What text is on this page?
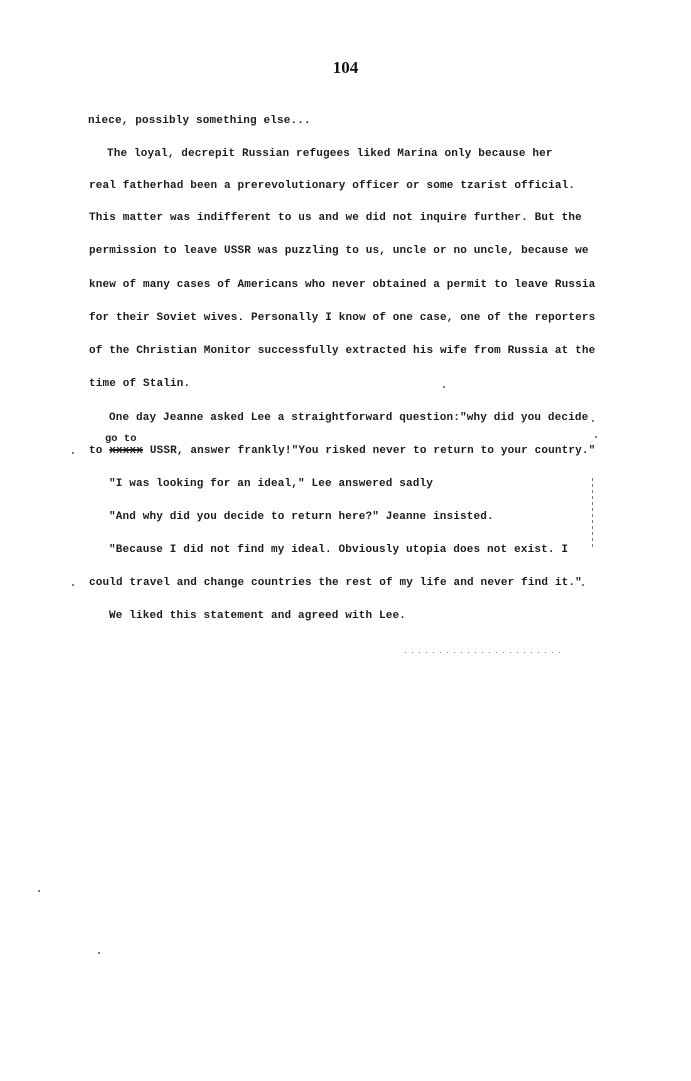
104
niece, possibly something else...
The loyal, decrepit Russian refugees liked Marina only because her
real fatherhad been a prerevolutionary officer or some tzarist official.
This matter was indifferent to us and we did not inquire further. But the
permission to leave USSR was puzzling to us, uncle or no uncle, because we
knew of many cases of Americans who never obtained a permit to leave Russia
for their Soviet wives. Personally I know of one case, one of the reporters
of the Christian Monitor successfully extracted his wife from Russia at the
time of Stalin.
One day Jeanne asked Lee a straightforward question:"why did you decide
go to
to xxxxx USSR, answer frankly!"You risked never to return to your country."
"I was looking for an ideal," Lee answered sadly
"And why did you decide to return here?" Jeanne insisted.
"Because I did not find my ideal. Obviously utopia does not exist. I
could travel and change countries the rest of my life and never find it."
We liked this statement and agreed with Lee.
